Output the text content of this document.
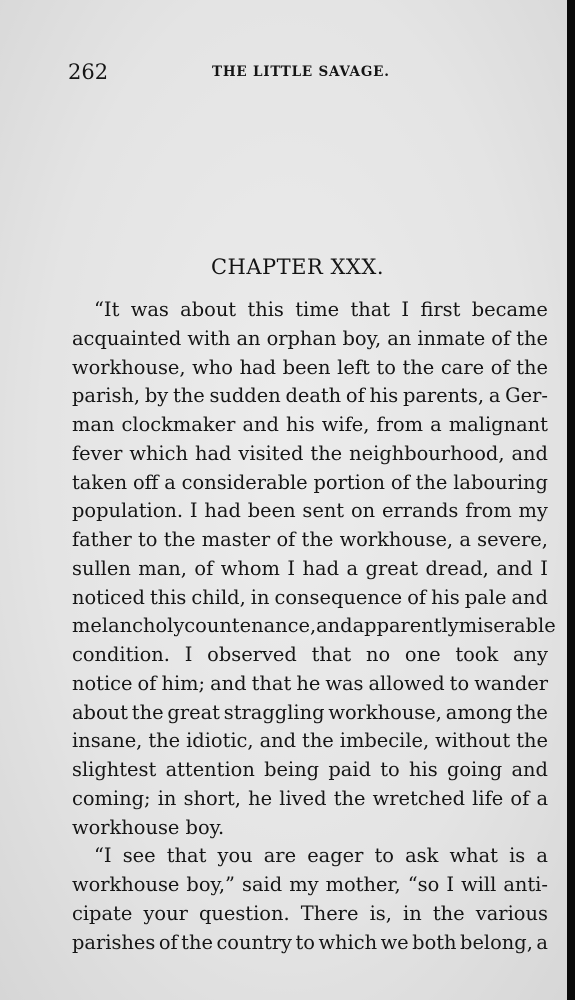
262	THE LITTLE SAVAGE.
CHAPTER XXX.
“It was about this time that I first became
acquainted with an orphan boy, an inmate of the
workhouse, who had been left to the care of the
parish, by the sudden death of his parents, a Ger-
man clockmaker and his wife, from a malignant
fever which had visited the neighbourhood, and
taken off a considerable portion of the labouring
population. I had been sent on errands from my
father to the master of the workhouse, a severe,
sullen man, of whom I had a great dread, and I
noticed this child, in consequence of his pale and
melancholy countenance, and apparently miserable
condition. I observed that no one took any
notice of him; and that he was allowed to wander
about the great straggling workhouse, among the
insane, the idiotic, and the imbecile, without the
slightest attention being paid to his going and
coming; in short, he lived the wretched life of a
workhouse boy.
“I see that you are eager to ask what is a
workhouse boy,” said my mother, “so I will anti-
cipate your question. There is, in the various
parishes of the country to which we both belong, a
